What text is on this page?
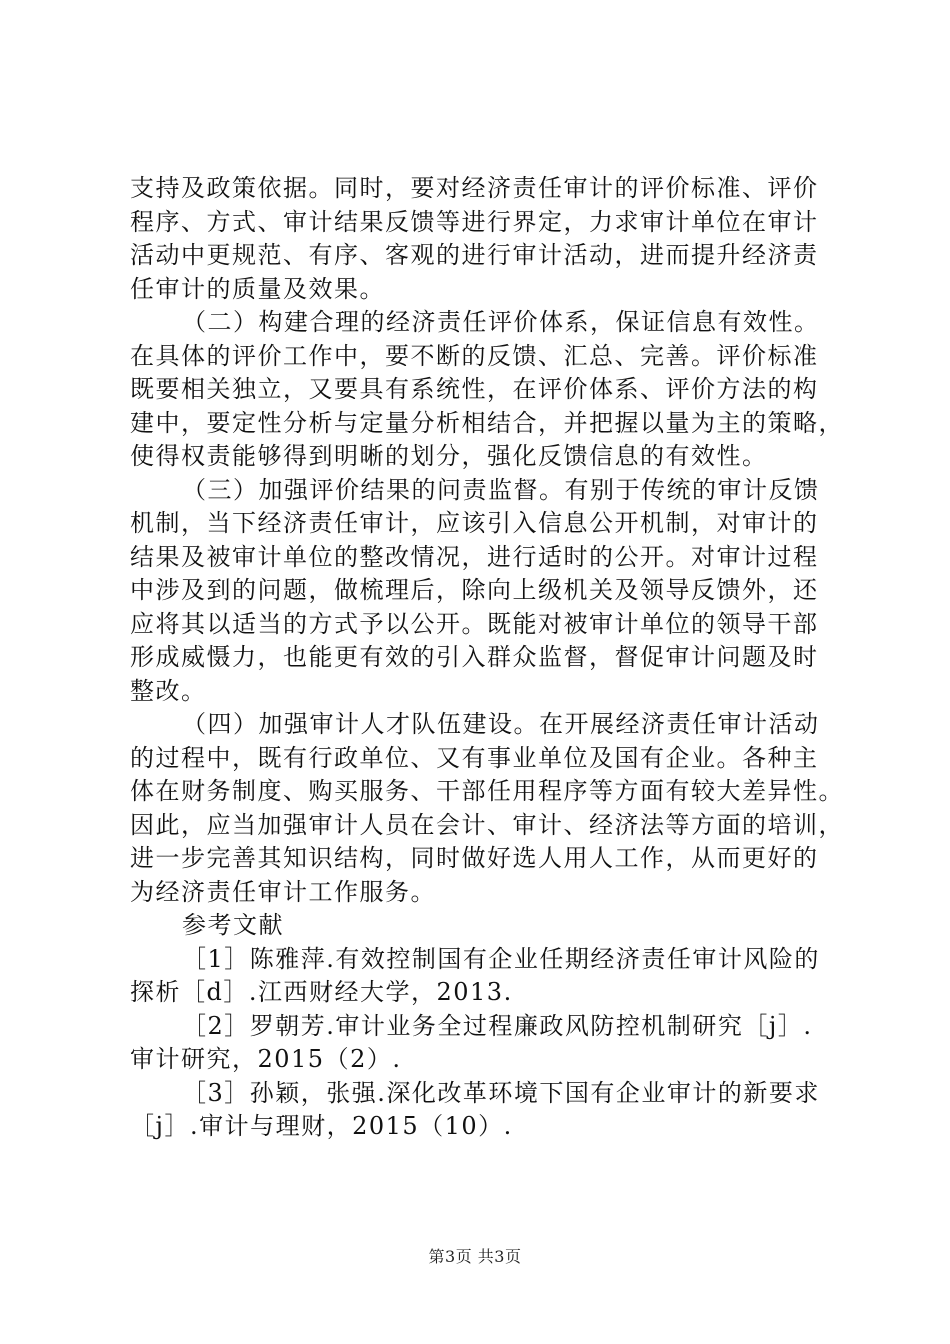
支持及政策依据。同时，要对经济责任审计的评价标准、评价
程序、方式、审计结果反馈等进行界定，力求审计单位在审计
活动中更规范、有序、客观的进行审计活动，进而提升经济责
任审计的质量及效果。
（二）构建合理的经济责任评价体系，保证信息有效性。
在具体的评价工作中，要不断的反馈、汇总、完善。评价标准
既要相关独立，又要具有系统性，在评价体系、评价方法的构
建中，要定性分析与定量分析相结合，并把握以量为主的策略，
使得权责能够得到明晰的划分，强化反馈信息的有效性。
（三）加强评价结果的问责监督。有别于传统的审计反馈
机制，当下经济责任审计，应该引入信息公开机制，对审计的
结果及被审计单位的整改情况，进行适时的公开。对审计过程
中涉及到的问题，做梳理后，除向上级机关及领导反馈外，还
应将其以适当的方式予以公开。既能对被审计单位的领导干部
形成威慑力，也能更有效的引入群众监督，督促审计问题及时
整改。
（四）加强审计人才队伍建设。在开展经济责任审计活动
的过程中，既有行政单位、又有事业单位及国有企业。各种主
体在财务制度、购买服务、干部任用程序等方面有较大差异性。
因此，应当加强审计人员在会计、审计、经济法等方面的培训，
进一步完善其知识结构，同时做好选人用人工作，从而更好的
为经济责任审计工作服务。
参考文献
［1］陈雅萍.有效控制国有企业任期经济责任审计风险的
探析［d］.江西财经大学，2013.
［2］罗朝芳.审计业务全过程廉政风防控机制研究［j］.
审计研究，2015（2）.
［3］孙颖，张强.深化改革环境下国有企业审计的新要求
［j］.审计与理财，2015（10）.
第3页 共3页
